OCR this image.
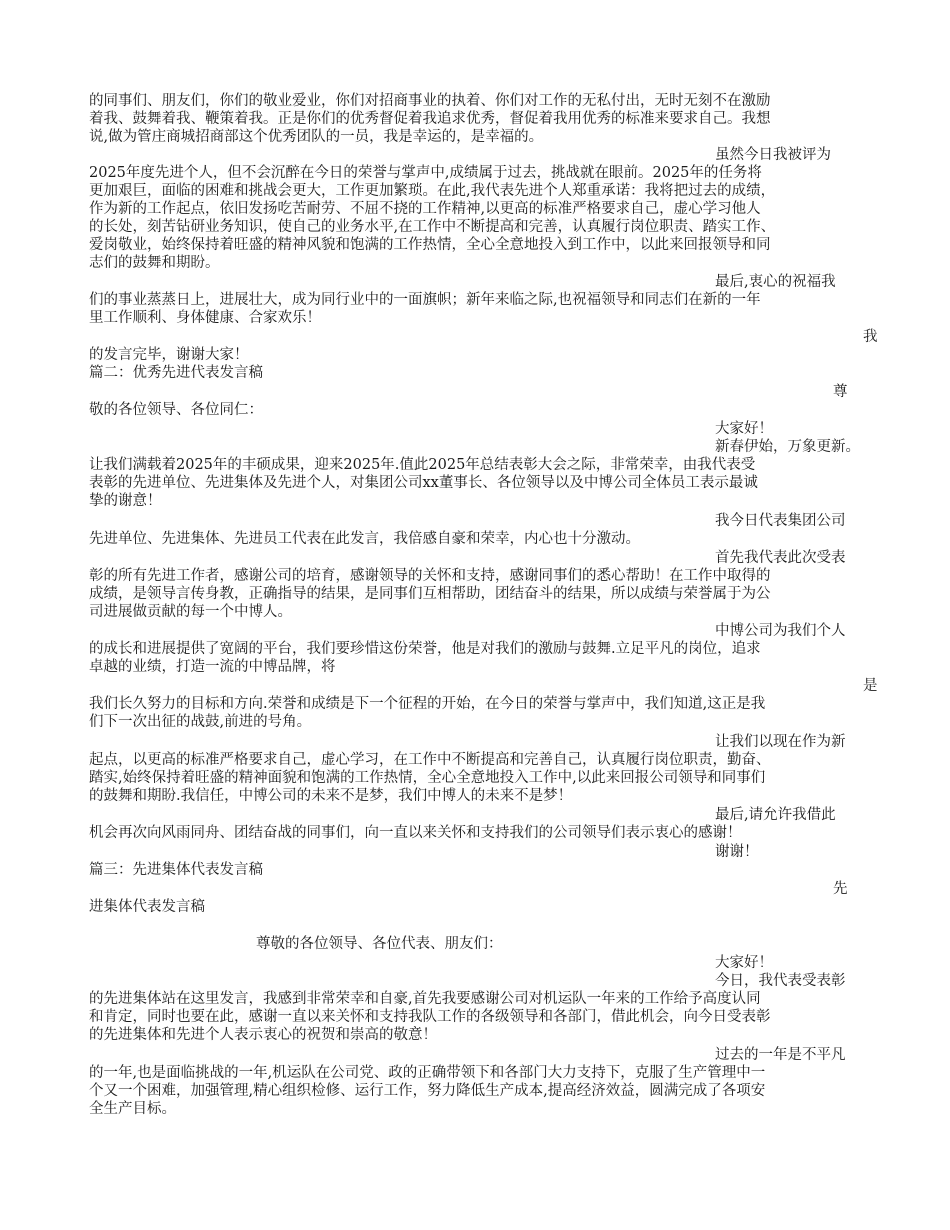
的同事们、朋友们，你们的敬业爱业，你们对招商事业的执着、你们对工作的无私付出，无时无刻不在激励

着我、鼓舞着我、鞭策着我。正是你们的优秀督促着我追求优秀，督促着我用优秀的标准来要求自己。我想

说,做为管庄商城招商部这个优秀团队的一员，我是幸运的，是幸福的。

虽然今日我被评为

2025年度先进个人，但不会沉醉在今日的荣誉与掌声中,成绩属于过去，挑战就在眼前。2025年的任务将

更加艰巨，面临的困难和挑战会更大，工作更加繁琐。在此,我代表先进个人郑重承诺：我将把过去的成绩，

作为新的工作起点，依旧发扬吃苦耐劳、不屈不挠的工作精神,以更高的标准严格要求自己，虚心学习他人

的长处，刻苦钻研业务知识，使自己的业务水平,在工作中不断提高和完善，认真履行岗位职责、踏实工作、

爱岗敬业，始终保持着旺盛的精神风貌和饱满的工作热情，全心全意地投入到工作中，以此来回报领导和同

志们的鼓舞和期盼。

最后,衷心的祝福我

们的事业蒸蒸日上，进展壮大，成为同行业中的一面旗帜；新年来临之际,也祝福领导和同志们在新的一年

里工作顺利、身体健康、合家欢乐！

我

的发言完毕，谢谢大家！

篇二：优秀先进代表发言稿

尊

敬的各位领导、各位同仁：

大家好！

新春伊始，万象更新。

让我们满载着2025年的丰硕成果，迎来2025年.值此2025年总结表彰大会之际，非常荣幸，由我代表受

表彰的先进单位、先进集体及先进个人，对集团公司xx董事长、各位领导以及中博公司全体员工表示最诚

挚的谢意！

我今日代表集团公司

先进单位、先进集体、先进员工代表在此发言，我倍感自豪和荣幸，内心也十分激动。

首先我代表此次受表

彰的所有先进工作者，感谢公司的培育，感谢领导的关怀和支持，感谢同事们的悉心帮助！在工作中取得的

成绩，是领导言传身教，正确指导的结果，是同事们互相帮助，团结奋斗的结果，所以成绩与荣誉属于为公

司进展做贡献的每一个中博人。

中博公司为我们个人

的成长和进展提供了宽阔的平台，我们要珍惜这份荣誉，他是对我们的激励与鼓舞.立足平凡的岗位，追求

卓越的业绩，打造一流的中博品牌，将

是

我们长久努力的目标和方向.荣誉和成绩是下一个征程的开始，在今日的荣誉与掌声中，我们知道,这正是我

们下一次出征的战鼓,前进的号角。

让我们以现在作为新

起点，以更高的标准严格要求自己，虚心学习，在工作中不断提高和完善自己，认真履行岗位职责，勤奋、

踏实,始终保持着旺盛的精神面貌和饱满的工作热情，全心全意地投入工作中,以此来回报公司领导和同事们

的鼓舞和期盼.我信任，中博公司的未来不是梦，我们中博人的未来不是梦！

最后,请允许我借此

机会再次向风雨同舟、团结奋战的同事们，向一直以来关怀和支持我们的公司领导们表示衷心的感谢！

谢谢！

篇三：先进集体代表发言稿

先

进集体代表发言稿

尊敬的各位领导、各位代表、朋友们：

大家好！

今日，我代表受表彰

的先进集体站在这里发言，我感到非常荣幸和自豪,首先我要感谢公司对机运队一年来的工作给予高度认同

和肯定，同时也要在此，感谢一直以来关怀和支持我队工作的各级领导和各部门，借此机会，向今日受表彰

的先进集体和先进个人表示衷心的祝贺和崇高的敬意！

过去的一年是不平凡

的一年,也是面临挑战的一年,机运队在公司党、政的正确带领下和各部门大力支持下，克服了生产管理中一

个又一个困难，加强管理,精心组织检修、运行工作，努力降低生产成本,提高经济效益，圆满完成了各项安

全生产目标。
